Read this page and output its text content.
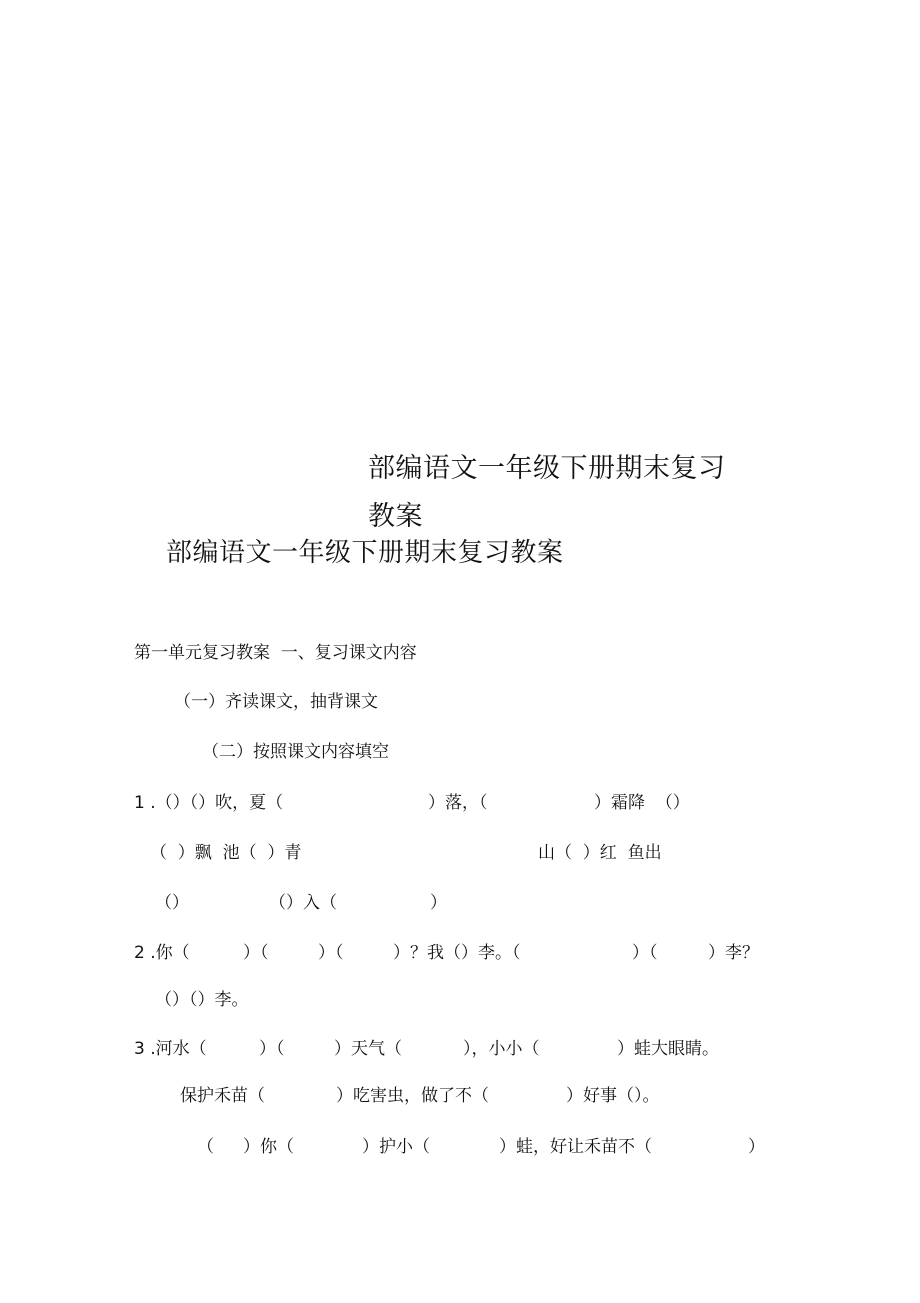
部编语文一年级下册期末复习
教案
部编语文一年级下册期末复习教案
第一单元复习教案  一、复习课文内容
（一）齐读课文，抽背课文
（二）按照课文内容填空
1 .（）（）吹，夏（	）落，（	）霜降  （）
（  ）飘  池（  ）青	山（  ）红  鱼出
（）	（）入（	）
2 .你（	）（	）（	）？我（）李。（	）（	）李？
（）（）李。
3 .河水（	）（	）天气（	），小小（	）蛙大眼睛。
保护禾苗（	）吃害虫，做了不（	）好事（）。
（ ）你（	）护小（	）蛙，好让禾苗不（	）
